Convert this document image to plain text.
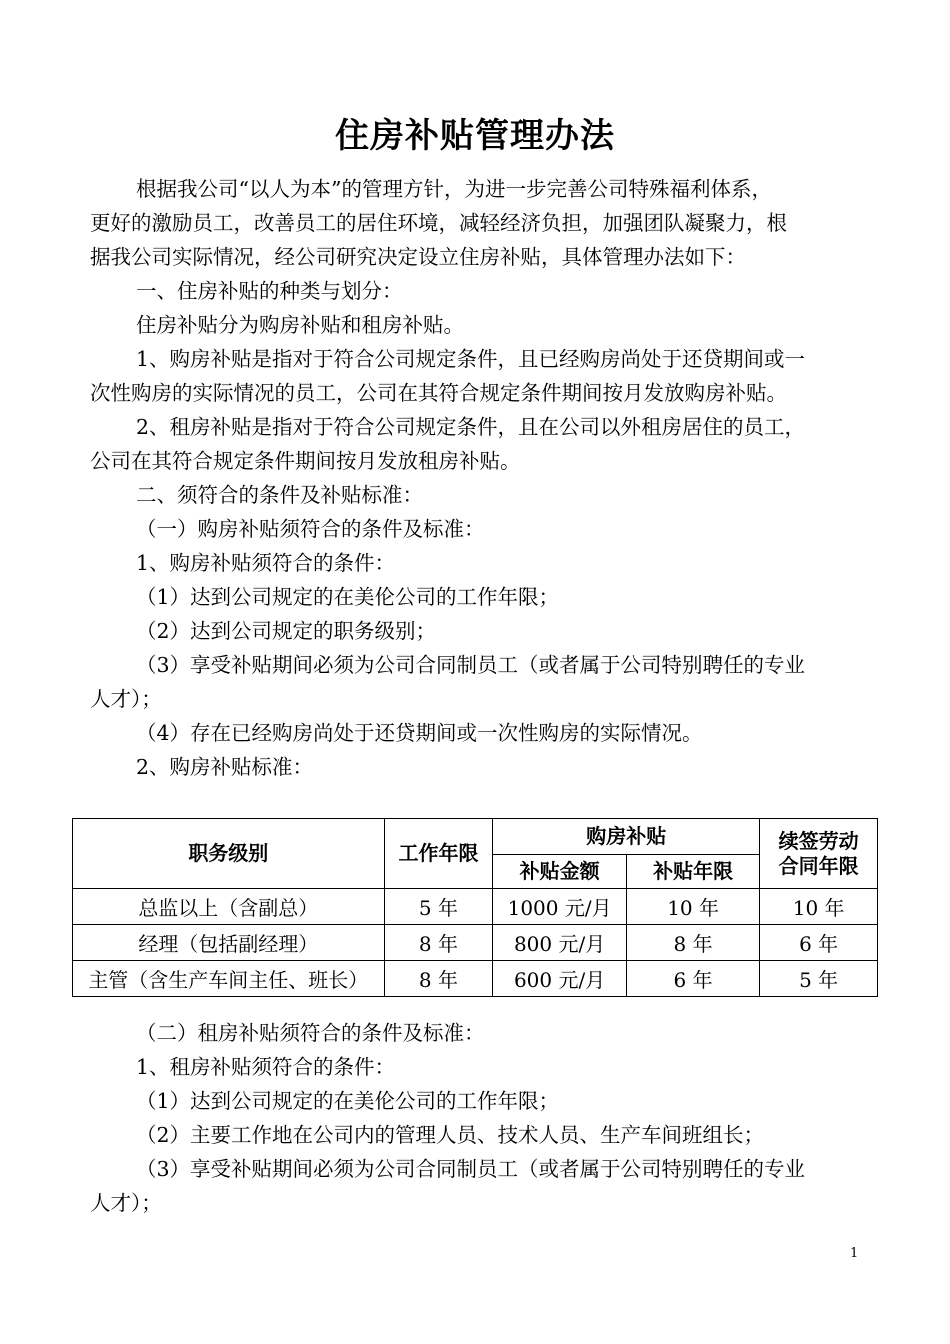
住房补贴管理办法
根据我公司“以人为本”的管理方针，为进一步完善公司特殊福利体系，
更好的激励员工，改善员工的居住环境，减轻经济负担，加强团队凝聚力，根
据我公司实际情况，经公司研究决定设立住房补贴，具体管理办法如下：
一、住房补贴的种类与划分：
住房补贴分为购房补贴和租房补贴。
1、购房补贴是指对于符合公司规定条件，且已经购房尚处于还贷期间或一
次性购房的实际情况的员工，公司在其符合规定条件期间按月发放购房补贴。
2、租房补贴是指对于符合公司规定条件，且在公司以外租房居住的员工，
公司在其符合规定条件期间按月发放租房补贴。
二、须符合的条件及补贴标准：
（一）购房补贴须符合的条件及标准：
1、购房补贴须符合的条件：
（1）达到公司规定的在美伦公司的工作年限；
（2）达到公司规定的职务级别；
（3）享受补贴期间必须为公司合同制员工（或者属于公司特别聘任的专业
人才）；
（4）存在已经购房尚处于还贷期间或一次性购房的实际情况。
2、购房补贴标准：
职务级别	工作年限	购房补贴		续签劳动合同年限

		补贴金额	补贴年限	
总监以上（含副总）	5 年	1000 元/月	10 年	10 年
经理（包括副经理）	8 年	800 元/月	8 年	6 年
主管（含生产车间主任、班长）	8 年	600 元/月	6 年	5 年
（二）租房补贴须符合的条件及标准：
1、租房补贴须符合的条件：
（1）达到公司规定的在美伦公司的工作年限；
（2）主要工作地在公司内的管理人员、技术人员、生产车间班组长；
（3）享受补贴期间必须为公司合同制员工（或者属于公司特别聘任的专业
人才）；
1
